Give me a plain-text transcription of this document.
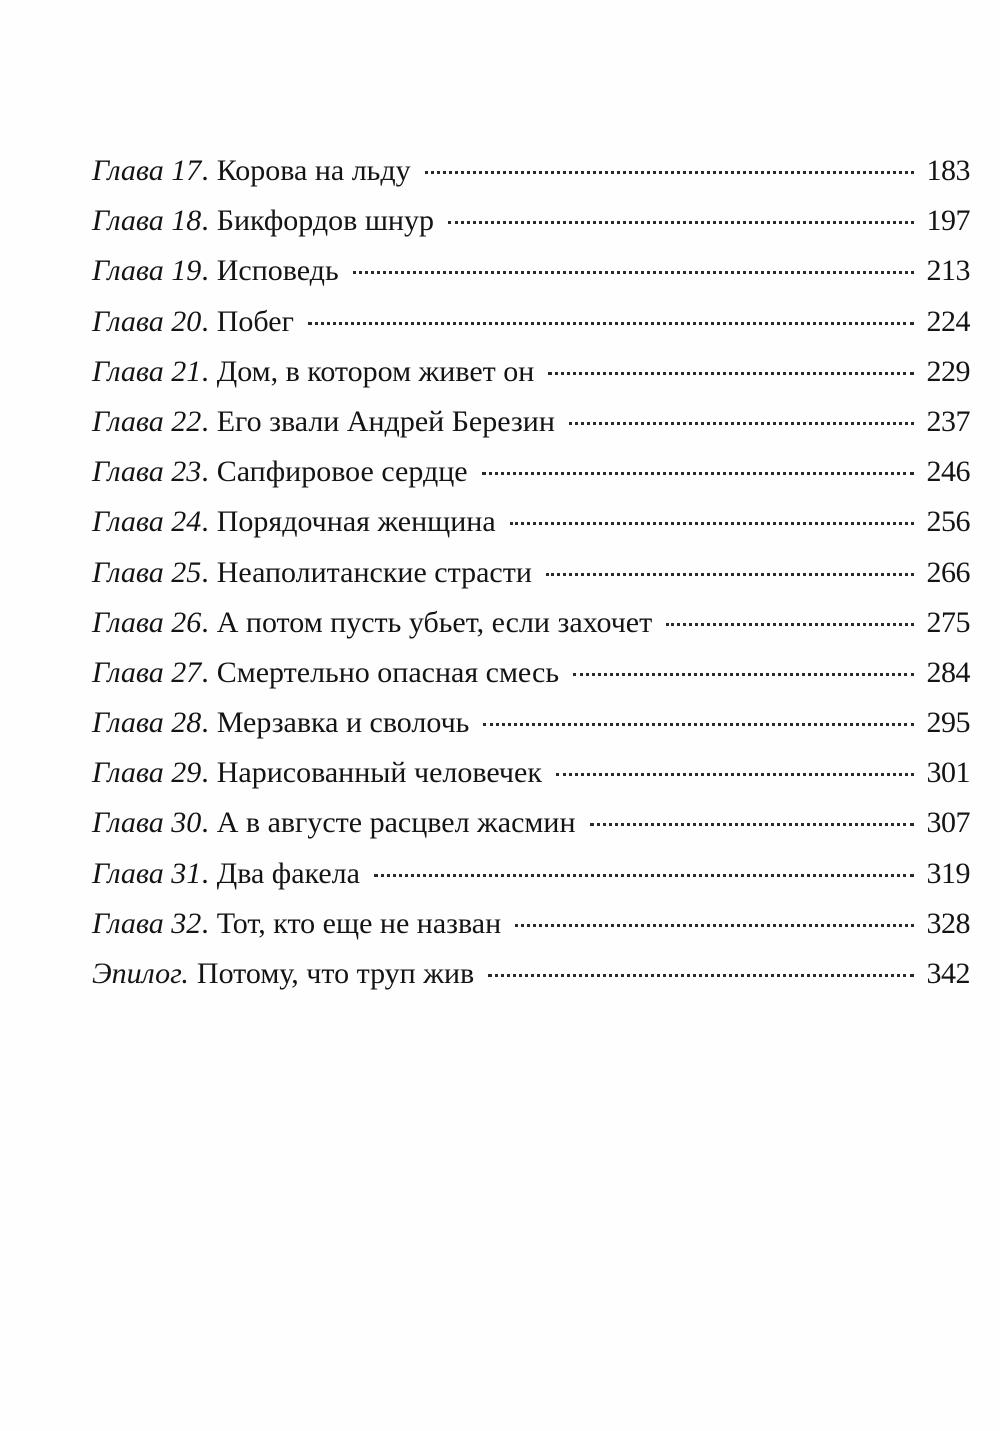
Глава 17 . Корова на льду	183
Глава 18 . Бикфордов шнур	197
Глава 19 . Исповедь	213
Глава 20 . Побег	224
Глава 21 . Дом, в котором живет он	229
Глава 22 . Его звали Андрей Березин	237
Глава 23 . Сапфировое сердце	246
Глава 24 . Порядочная женщина	256
Глава 25 . Неаполитанские страсти	266
Глава 26 . А потом пусть убьет, если захочет	275
Глава 27 . Смертельно опасная смесь	284
Глава 28 . Мерзавка и сволочь	295
Глава 29 . Нарисованный человечек	301
Глава 30 . А в августе расцвел жасмин	307
Глава 31 . Два факела	319
Глава 32 . Тот, кто еще не назван	328
Эпилог. Потому, что труп жив	342
